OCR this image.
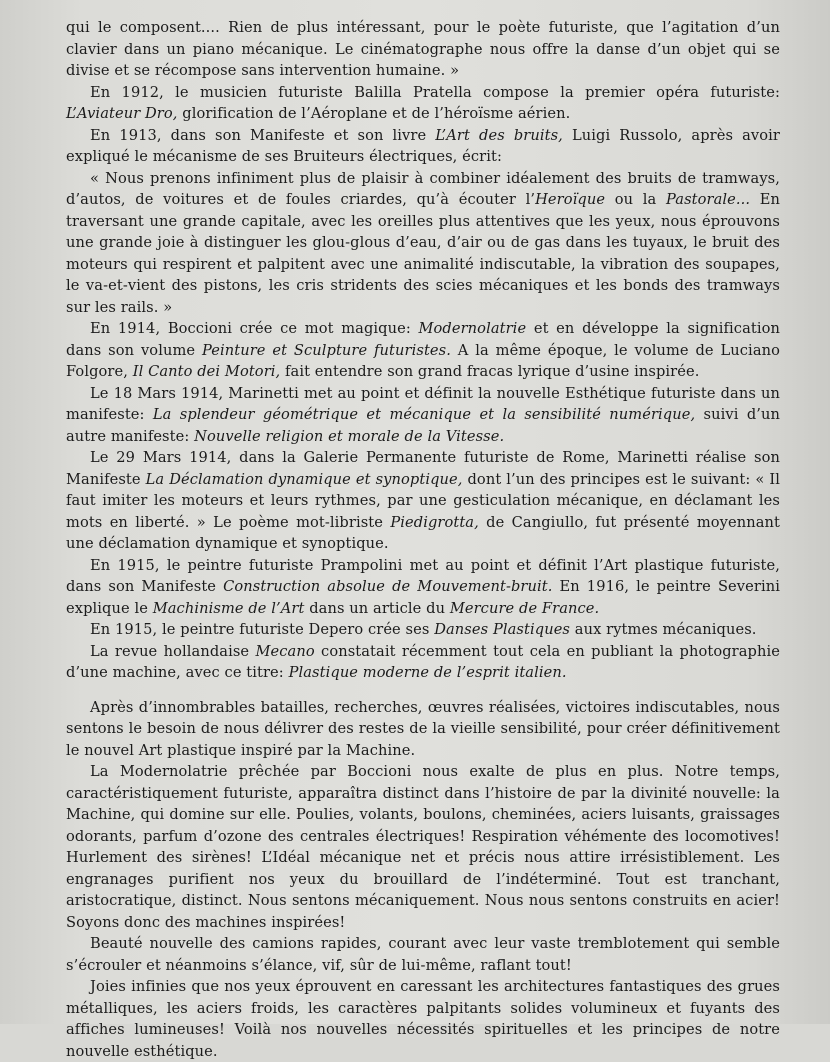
qui le composent.... Rien de plus intéressant, pour le poète futuriste, que l’agitation d’un clavier dans un piano mécanique. Le cinématographe nous offre la danse d’un objet qui se divise et se récompose sans intervention humaine. »

En 1912, le musicien futuriste Balilla Pratella compose la premier opéra futuriste: L’Aviateur Dro, glorification de l’Aéroplane et de l’héroïsme aérien.

En 1913, dans son Manifeste et son livre L’Art des bruits, Luigi Russolo, après avoir expliqué le mécanisme de ses Bruiteurs électriques, écrit:

« Nous prenons infiniment plus de plaisir à combiner idéalement des bruits de tramways, d’autos, de voitures et de foules criardes, qu’à écouter l’Heroïque ou la Pastorale... En traversant une grande capitale, avec les oreilles plus attentives que les yeux, nous éprouvons une grande joie à distinguer les glou-glous d’eau, d’air ou de gas dans les tuyaux, le bruit des moteurs qui respirent et palpitent avec une animalité indiscutable, la vibration des soupapes, le va-et-vient des pistons, les cris stridents des scies mécaniques et les bonds des tramways sur les rails. »

En 1914, Boccioni crée ce mot magique: Modernolatrie et en développe la signification dans son volume Peinture et Sculpture futuristes. A la même époque, le volume de Luciano Folgore, Il Canto dei Motori, fait entendre son grand fracas lyrique d’usine inspirée.

Le 18 Mars 1914, Marinetti met au point et définit la nouvelle Esthétique futuriste dans un manifeste: La splendeur géométrique et mécanique et la sensibilité numérique, suivi d’un autre manifeste: Nouvelle religion et morale de la Vitesse.

Le 29 Mars 1914, dans la Galerie Permanente futuriste de Rome, Marinetti réalise son Manifeste La Déclamation dynamique et synoptique, dont l’un des principes est le suivant: « Il faut imiter les moteurs et leurs rythmes, par une gesticulation mécanique, en déclamant les mots en liberté. » Le poème mot-libriste Piedigrotta, de Cangiullo, fut présenté moyennant une déclamation dynamique et synoptique.

En 1915, le peintre futuriste Prampolini met au point et définit l’Art plastique futuriste, dans son Manifeste Construction absolue de Mouvement-bruit. En 1916, le peintre Severini explique le Machinisme de l’Art dans un article du Mercure de France.

En 1915, le peintre futuriste Depero crée ses Danses Plastiques aux rytmes mécaniques.

La revue hollandaise Mecano constatait récemment tout cela en publiant la photographie d’une machine, avec ce titre: Plastique moderne de l’esprit italien.

Après d’innombrables batailles, recherches, œuvres réalisées, victoires indiscutables, nous sentons le besoin de nous délivrer des restes de la vieille sensibilité, pour créer définitivement le nouvel Art plastique inspiré par la Machine.

La Modernolatrie prêchée par Boccioni nous exalte de plus en plus. Notre temps, caractéristiquement futuriste, apparaîtra distinct dans l’histoire de par la divinité nouvelle: la Machine, qui domine sur elle. Poulies, volants, boulons, cheminées, aciers luisants, graissages odorants, parfum d’ozone des centrales électriques! Respiration véhémente des locomotives! Hurlement des sirènes! L’Idéal mécanique net et précis nous attire irrésistiblement. Les engranages purifient nos yeux du brouillard de l’indéterminé. Tout est tranchant, aristocratique, distinct. Nous sentons mécaniquement. Nous nous sentons construits en acier! Soyons donc des machines inspirées!

Beauté nouvelle des camions rapides, courant avec leur vaste tremblotement qui semble s’écrouler et néanmoins s’élance, vif, sûr de lui-même, raflant tout!

Joies infinies que nos yeux éprouvent en caressant les architectures fantastiques des grues métalliques, les aciers froids, les caractères palpitants solides volumineux et fuyants des affiches lumineuses! Voilà nos nouvelles nécessités spirituelles et les principes de notre nouvelle esthétique.
